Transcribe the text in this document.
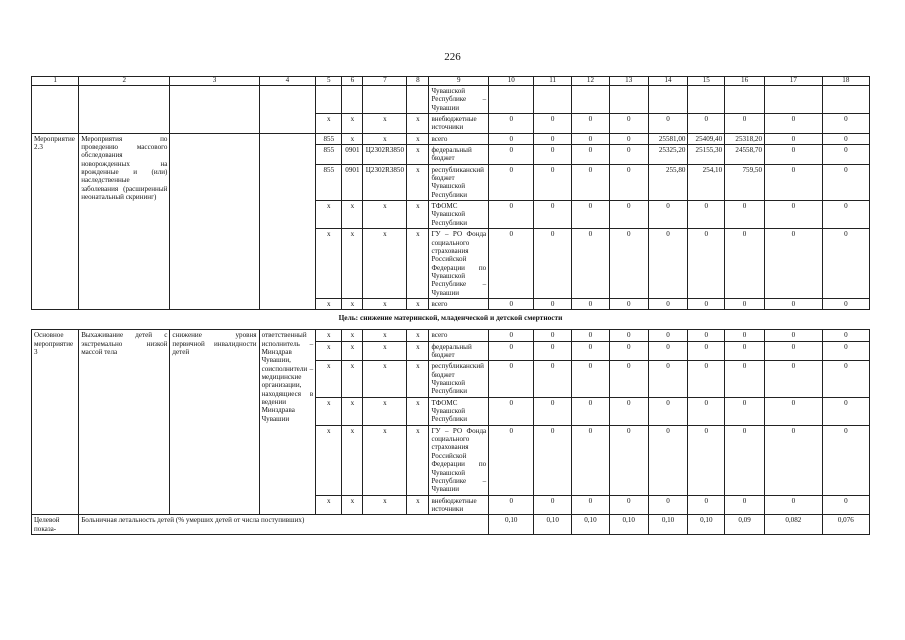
226
1	2	3	4	5	6	7	8	9	10	11	12	13	14	15	16	17	18
								Чувашской Республике – Чувашии									
				х	х	х	х	внебюджетные источники	0	0	0	0	0	0	0	0	0
Мероприятие 2.3	Мероприятия по проведению массового обследования новорожденных на врожденные и (или) наследственные заболевания (расширенный неонатальный скрининг)			855	х	х	х	всего	0	0	0	0	25581,00	25409,40	25318,20	0	0
				855	0901	Ц2302R3850	х	федеральный бюджет	0	0	0	0	25325,20	25155,30	24558,70	0	0
				855	0901	Ц2302R3850	х	республиканский бюджет Чувашской Республики	0	0	0	0	255,80	254,10	759,50	0	0
				х	х	х	х	ТФОМС Чувашской Республики	0	0	0	0	0	0	0	0	0
				х	х	х	х	ГУ – РО Фонда социального страхования Российской Федерации по Чувашской Республике – Чувашии	0	0	0	0	0	0	0	0	0
				х	х	х	х	всего	0	0	0	0	0	0	0	0	0
Цель: снижение материнской, младенческой и детской смертности																	
Основное мероприятие 3	Выхаживание детей с экстремально низкой массой тела	снижение уровня первичной инвалидности детей	ответственный исполнитель – Минздрав Чувашии, соисполнители – медицинские организации, находящиеся в ведении Минздрава Чувашии	х	х	х	х	всего	0	0	0	0	0	0	0	0	0
				х	х	х	х	федеральный бюджет	0	0	0	0	0	0	0	0	0
				х	х	х	х	республиканский бюджет Чувашской Республики	0	0	0	0	0	0	0	0	0
				х	х	х	х	ТФОМС Чувашской Республики	0	0	0	0	0	0	0	0	0
				х	х	х	х	ГУ – РО Фонда социального страхования Российской Федерации по Чувашской Республике – Чувашии	0	0	0	0	0	0	0	0	0
				х	х	х	х	внебюджетные источники	0	0	0	0	0	0	0	0	0
Целевой показа-	Больничная летальность детей (% умерших детей от числа поступивших)								0,10	0,10	0,10	0,10	0,10	0,10	0,09	0,082	0,076
